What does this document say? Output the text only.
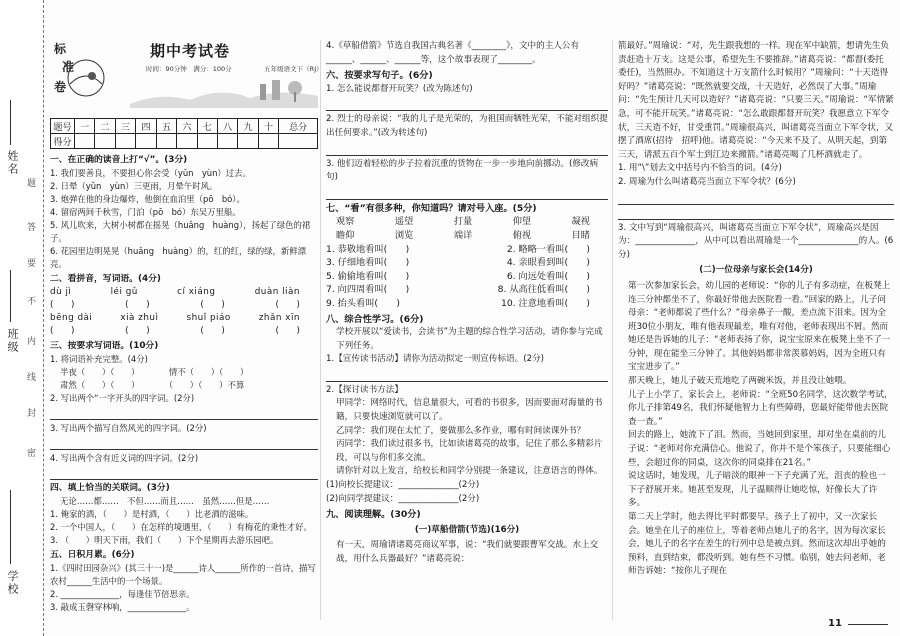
姓名
班级
学校
题
答
要
不
内
线
封
密
标
准
卷
期中考试卷
时间：90分钟　满分：100分　　　　　五年级语文下（RJ）
题号	一	二	三	四	五	六	七	八	九	十	总分
得分											
一、在正确的读音上打“√”。(3分)
1. 我们要善良，不要担心你会受（yǔn　yùn）过去。
2. 日晕（yǔn　yùn）三更雨，月晕午时风。
3. 炮弹在他的身边爆炸，他倒在血泊里（pō　bó）。
4. 留宿两间千秋雪，门泊（pō　bó）东吴万里船。
5. 风儿吹来，大树小树都在摇晃（huǎng　huàng），扬起了绿色的裙子。
6. 花园里边明晃晃（huǎng　huàng）的，红的红，绿的绿，新鲜漂亮。
二、看拼音，写词语。(4分)
dù jì	léi gǔ	cí xiáng	duàn liàn
(　　)	(　　)	(　　)	(　　)
bēng dài	xià zhuì	shuǐ piáo	zhǎn xīn
(　　)	(　　)	(　　)	(　　)
三、按要求写词语。(10分)
1. 将词语补充完整。(4分)
半夜（　　）（　　）　　　　情不（　　）（　　）
肃然（　　）（　　）　　　　（　　）（　　）不算
2. 写出两个“一字开头的四字词。(2分)
3. 写出两个描写自然风光的四字词。(2分)
4. 写出两个含有近义词的四字词。(2分)
四、填上恰当的关联词。(3分)
无论……都……　不但……而且……　虽然……但是……
1. 俺家的酒，（　　）是村酒，（　　）比老酒的滋味。
2. 一个中国人，（　　）在怎样的境遇里，（　　）有梅花的秉性才好。
3. （　　）明天下雨，我们（　　）下个星期再去游乐园吧。
五、日积月累。(6分)
1.《四时田园杂兴》(其三十一)是______诗人______所作的一首诗，描写农村______生活中的一个场景。
2. ______________，每逢佳节倍思亲。
3. 敲成玉磬穿林响，______________。
4.《草船借箭》节选自我国古典名著《________》，文中的主人公有______、______、______等，这个故事表现了________。
六、按要求写句子。(6分)
1. 怎么能说都督开玩笑？(改为陈述句)
2. 烈士的母亲说：“我的儿子是光荣的，为祖国而牺牲光荣，不能对组织提出任何要求。”(改为转述句)
3. 他们迈着轻松的步子拉着沉重的货物在一步一步地向前挪动。(修改病句)
七、“看”有很多种，你知道吗？请对号入座。(5分)
观察	遥望	打量	仰望	凝视
瞻仰	浏览	端详	俯视	目睹
1. 恭敬地看叫(　　)	2. 略略一看叫(　　)
3. 仔细地看叫(　　)	4. 亲眼看到叫(　　)
5. 偷偷地看叫(　　)	6. 向远处看叫(　　)
7. 向四周看叫(　　)	8. 从高往低看叫(　　)
9. 抬头看叫(　　)	10. 注意地看叫(　　)
八、综合性学习。(6分)
学校开展以“爱读书，会读书”为主题的综合性学习活动，请你参与完成下列任务。
1.【宣传读书活动】请你为活动拟定一则宣传标语。(2分)
2.【探讨读书方法】
甲同学：网络时代，信息量很大，可看的书很多，因而要面对海量的书籍，只要快速浏览就可以了。
乙同学：我们现在太忙了，要做那么多作业，哪有时间读课外书？
丙同学：我们读过很多书，比如读诸葛亮的故事，记住了那么多精彩片段，可以与你们多交流。
请你针对以上发言，给校长和同学分别提一条建议，注意语言的得体。
(1)向校长提建议：______________(2分)
(2)向同学提建议：______________(2分)
九、阅读理解。(30分)
(一)草船借箭(节选)(16分)
有一天，周瑜请诸葛亮商议军事，说：“我们就要跟曹军交战。水上交战，用什么兵器最好？”诸葛亮说：
箭最好。”周瑜说：“对，先生跟我想的一样。现在军中缺箭，想请先生负责赶造十万支。这是公事，希望先生不要推辞。”诸葛亮说：“都督(委托　委任)，当然照办。不知道这十万支箭什么时候用？”周瑜问：“十天造得好吗？”诸葛亮说：“既然就要交战，十天造好，必然误了大事。”周瑜问：“先生预计几天可以造好？”诸葛亮说：“只要三天。”周瑜说：“军情紧急，可不能开玩笑。”诸葛亮说：“怎么敢跟都督开玩笑？我愿意立下军令状，三天造不好，甘受重罚。”周瑜很高兴，叫诸葛亮当面立下军令状，又摆了酒席(招待　招呼)他。诸葛亮说：“今天来不及了。从明天起，到第三天，请派五百个军士到江边来搬箭。”诸葛亮喝了几杯酒就走了。
1. 用“\”划去文中括号内不恰当的词。(4分)
2. 周瑜为什么叫诸葛亮当面立下军令状？(6分)
3. 文中写到“周瑜很高兴，叫诸葛亮当面立下军令状”，周瑜高兴是因为：______________，从中可以看出周瑜是一个______________的人。(6分)
(二)一位母亲与家长会(14分)
第一次参加家长会，幼儿园的老师说：“你的儿子有多动症，在板凳上连三分钟都坐不了，你最好带他去医院看一看。”回家的路上，儿子问母亲：“老师都说了些什么？”母亲鼻子一酸，差点流下泪来。因为全班30位小朋友，唯有他表现最差，唯有对他，老师表现出不屑。然而她还是告诉她的儿子：“老师表扬了你，说宝宝原来在板凳上坐不了一分钟，现在能坐三分钟了。其他妈妈都非常羡慕妈妈，因为全班只有宝宝进步了。”
那天晚上，她儿子破天荒地吃了两碗米饭，并且没让她喂。
儿子上小学了，家长会上，老师说：“全班50名同学，这次数学考试，你儿子排第49名，我们怀疑他智力上有些障碍，您最好能带他去医院查一查。”
回去的路上，她流下了泪。然而，当她回到家里，却对坐在桌前的儿子说：“老师对你充满信心。他说了，你并不是个笨孩子，只要能细心些，会超过你的同桌，这次你的同桌排在21名。”
说这话时，她发现，儿子暗淡的眼神一下子充满了光，沮丧的脸也一下子舒展开来。她甚至发现，儿子温顺得让她吃惊，好像长大了许多。
第二天上学时，他去得比平时都要早。孩子上了初中，又一次家长会。她坐在儿子的座位上，等着老师点她儿子的名字，因为每次家长会，她儿子的名字在差生的行列中总是被点到。然而这次却出乎她的预料，直到结束，都没听到。她有些不习惯。临别，她去问老师，老师告诉她：“按你儿子现在
11
